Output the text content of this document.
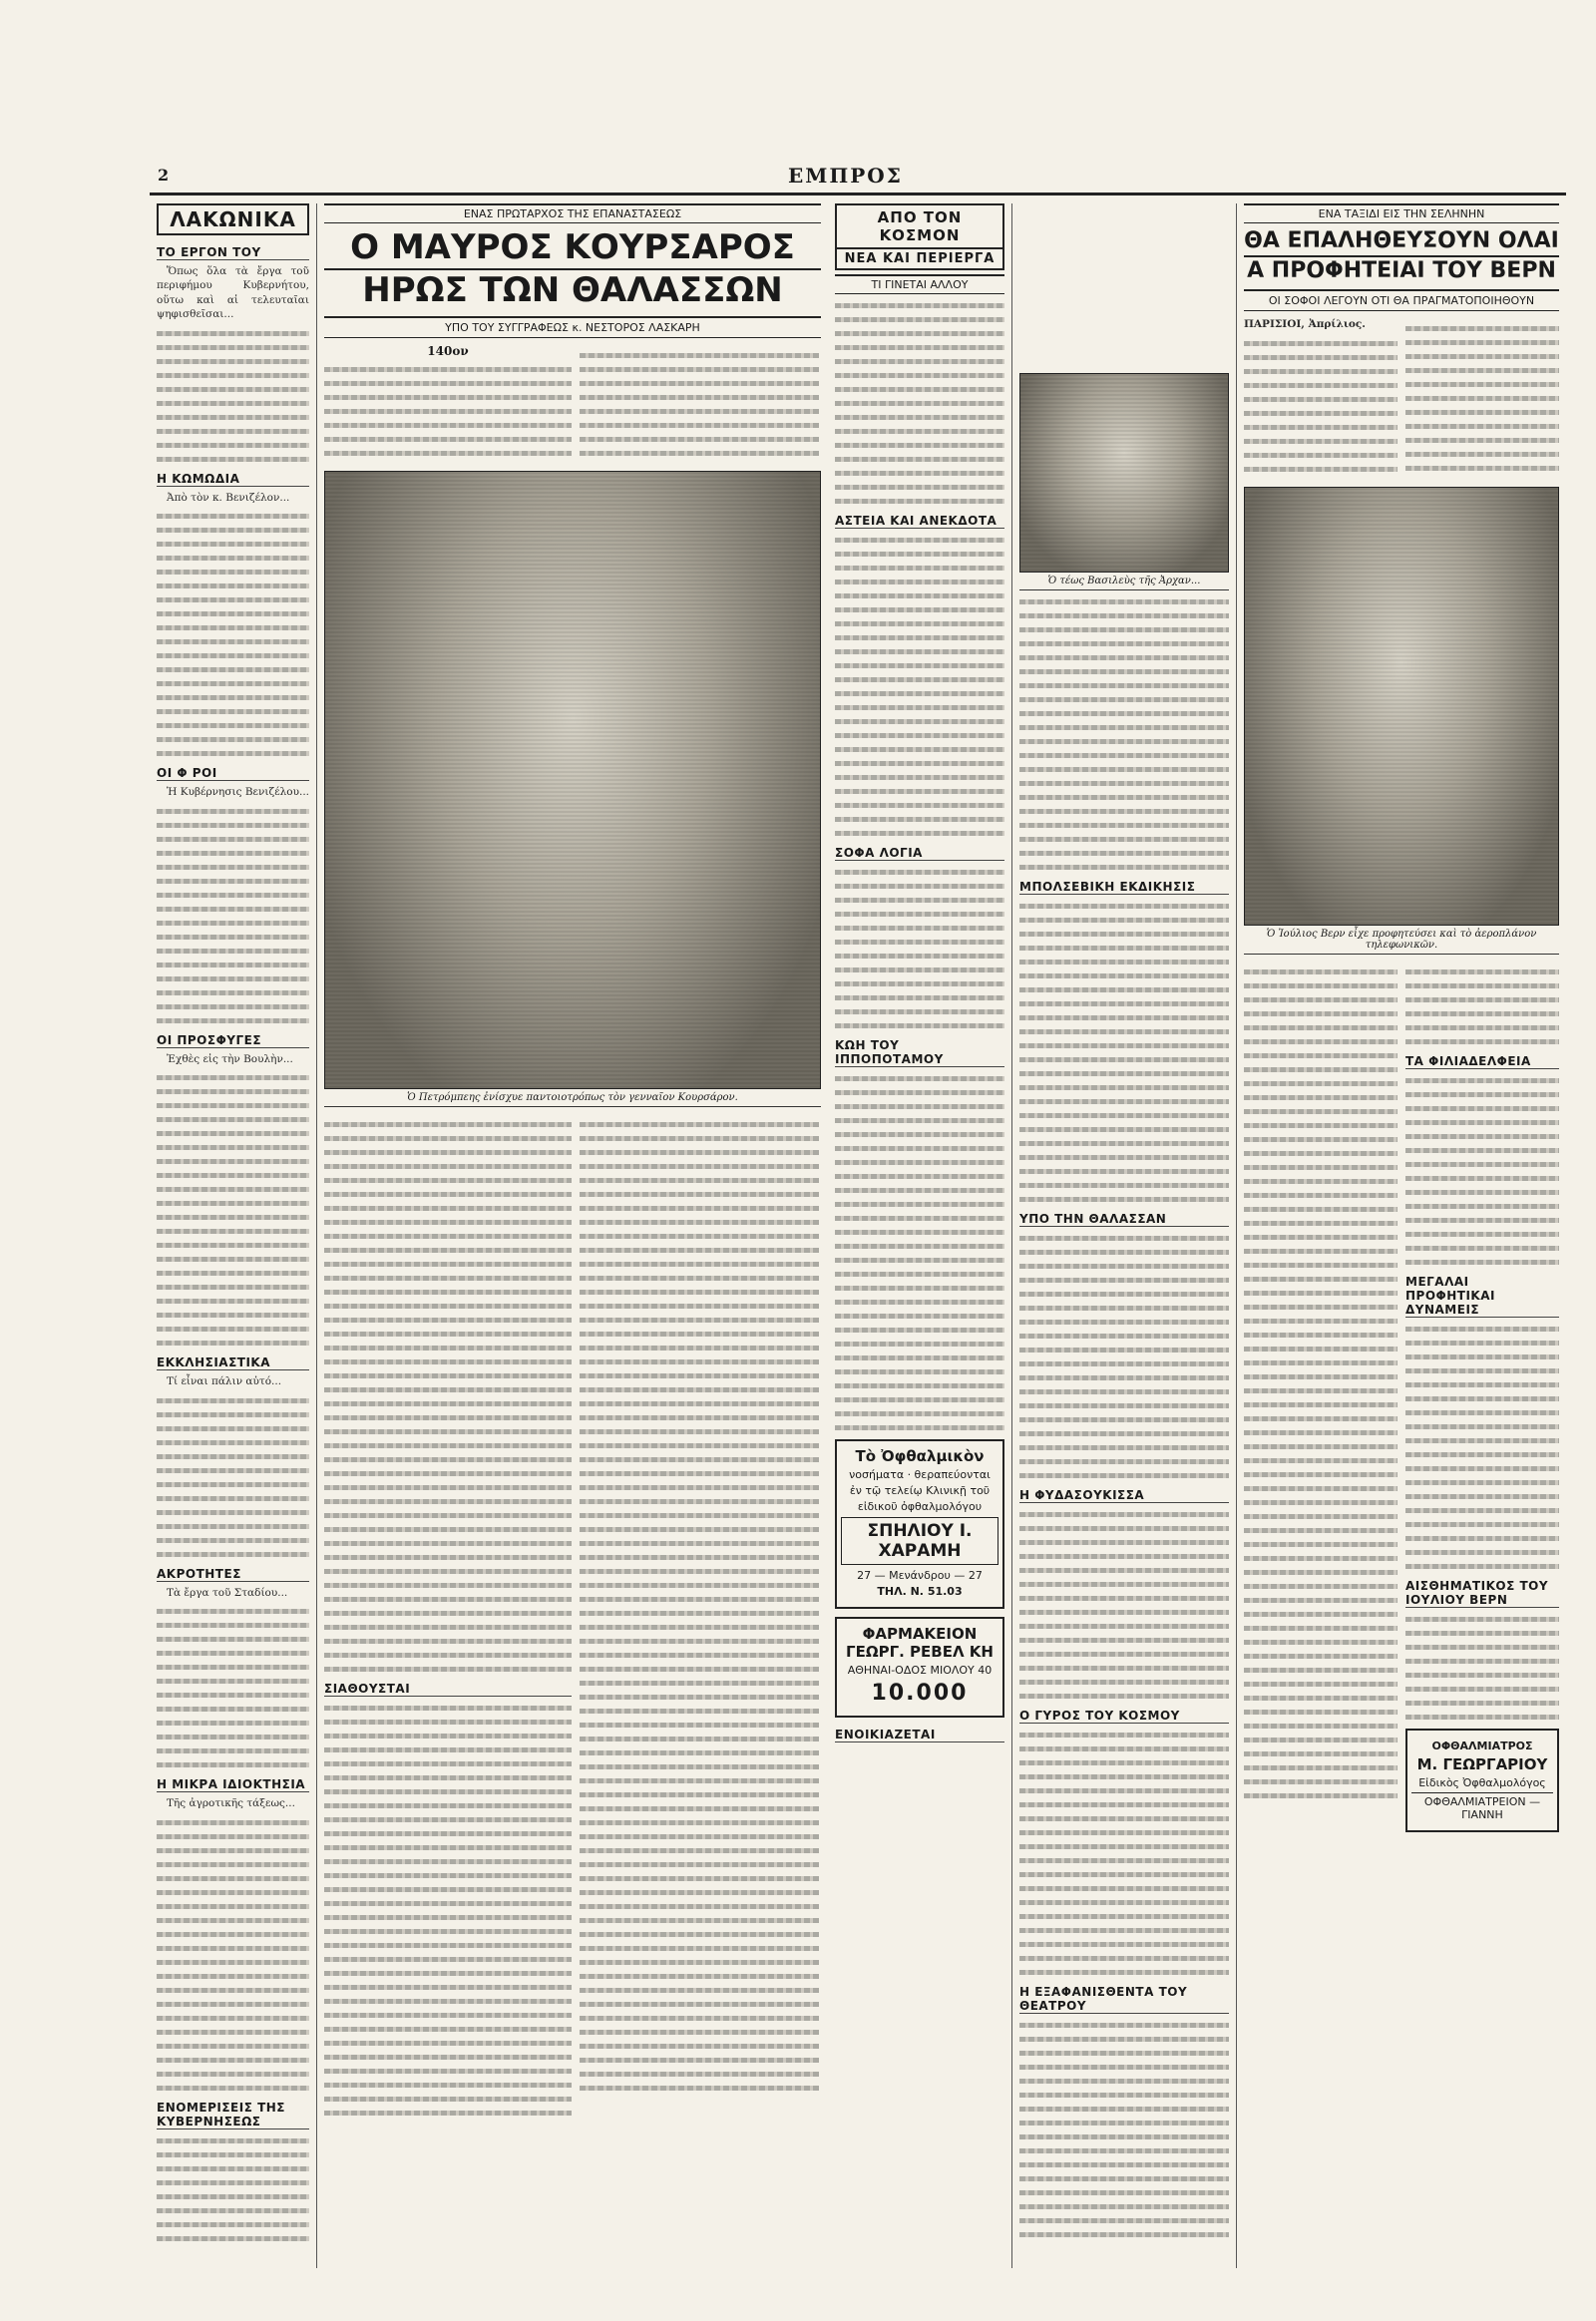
2	ΕΜΠΡΟΣ
ΛΑΚΩΝΙΚΑ
ΤΟ ΕΡΓΟΝ ΤΟΥ
Ὅπως ὅλα τὰ ἔργα τοῦ περιφήμου Κυβερνήτου, οὕτω καὶ αἱ τελευταῖαι ψηφισθεῖσαι...
Η ΚΩΜΩΔΙΑ
Ἀπὸ τὸν κ. Βενιζέλον...
ΟΙ Φ ΡΟΙ
Ἡ Κυβέρνησις Βενιζέλου...
ΟΙ ΠΡΟΣΦΥΓΕΣ
Ἐχθὲς εἰς τὴν Βουλὴν...
ΕΚΚΛΗΣΙΑΣΤΙΚΑ
Τί εἶναι πάλιν αὐτό...
ΑΚΡΟΤΗΤΕΣ
Τὰ ἔργα τοῦ Σταδίου...
Η ΜΙΚΡΑ ΙΔΙΟΚΤΗΣΙΑ
Τῆς ἀγροτικῆς τάξεως...
ΕΝΟΜΕΡΙΣΕΙΣ ΤΗΣ ΚΥΒΕΡΝΗΣΕΩΣ
ΕΝΑΣ ΠΡΩΤΑΡΧΟΣ ΤΗΣ ΕΠΑΝΑΣΤΑΣΕΩΣ
Ο ΜΑΥΡΟΣ ΚΟΥΡΣΑΡΟΣ
ΗΡΩΣ ΤΩΝ ΘΑΛΑΣΣΩΝ
ΥΠΟ ΤΟΥ ΣΥΓΓΡΑΦΕΩΣ κ. ΝΕΣΤΟΡΟΣ ΛΑΣΚΑΡΗ
140ον
Ὁ Πετρόμπεης ἐνίσχυε παντοιοτρόπως τὸν γενναῖον Κουρσάρον.
ΣΙΑΘΟΥΣΤΑΙ
ΑΠΟ ΤΟΝ ΚΟΣΜΟΝ
ΝΕΑ ΚΑΙ ΠΕΡΙΕΡΓΑ
ΤΙ ΓΙΝΕΤΑΙ ΑΛΛΟΥ
ΑΣΤΕΙΑ ΚΑΙ ΑΝΕΚΔΟΤΑ
ΣΟΦΑ ΛΟΓΙΑ
ΚΩΗ ΤΟΥ ΙΠΠΟΠΟΤΑΜΟΥ
Τὸ Ὀφθαλμικὸν
νοσήματα · θεραπεύονται
ἐν τῷ τελείῳ Κλινικῇ τοῦ
εἰδικοῦ ὀφθαλμολόγου
ΣΠΗΛΙΟΥ Ι. ΧΑΡΑΜΗ
27 — Μενάνδρου — 27
ΤΗΛ. Ν. 51.03
ΦΑΡΜΑΚΕΙΟΝ
ΓΕΩΡΓ. ΡΕΒΕΛ ΚΗ
ΑΘΗΝΑΙ-ΟΔΟΣ ΜΙΟΛΟΥ 40
10.000
ΕΝΟΙΚΙΑΖΕΤΑΙ
Ὁ τέως Βασιλεὺς τῆς Ἀρχαν...
ΜΠΟΛΣΕΒΙΚΗ ΕΚΔΙΚΗΣΙΣ
ΥΠΟ ΤΗΝ ΘΑΛΑΣΣΑΝ
Η ΦΥΔΑΣΟΥΚΙΣΣΑ
Ο ΓΥΡΟΣ ΤΟΥ ΚΟΣΜΟΥ
Η ΕΞΑΦΑΝΙΣΘΕΝΤΑ ΤΟΥ ΘΕΑΤΡΟΥ
ΕΝΑ ΤΑΞΙΔΙ ΕΙΣ ΤΗΝ ΣΕΛΗΝΗΝ
ΘΑ ΕΠΑΛΗΘΕΥΣΟΥΝ ΟΛΑΙ
Α ΠΡΟΦΗΤΕΙΑΙ ΤΟΥ ΒΕΡΝ
ΟΙ ΣΟΦΟΙ ΛΕΓΟΥΝ ΟΤΙ ΘΑ ΠΡΑΓΜΑΤΟΠΟΙΗΘΟΥΝ
ΠΑΡΙΣΙΟΙ, Ἀπρίλιος.
Ὁ Ἰούλιος Βερν εἶχε προφητεύσει καὶ τὸ ἀεροπλάνον τηλεφωνικῶν.
ΤΑ ΦΙΛΙΑΔΕΛΦΕΙΑ
ΜΕΓΑΛΑΙ ΠΡΟΦΗΤΙΚΑΙ ΔΥΝΑΜΕΙΣ
ΑΙΣΘΗΜΑΤΙΚΟΣ ΤΟΥ ΙΟΥΛΙΟΥ ΒΕΡΝ
ΟΦΘΑΛΜΙΑΤΡΟΣ
Μ. ΓΕΩΡΓΑΡΙΟΥ
Εἰδικὸς Ὀφθαλμολόγος
ΟΦΘΑΛΜΙΑΤΡΕΙΟΝ — ΓΙΑΝΝΗ
